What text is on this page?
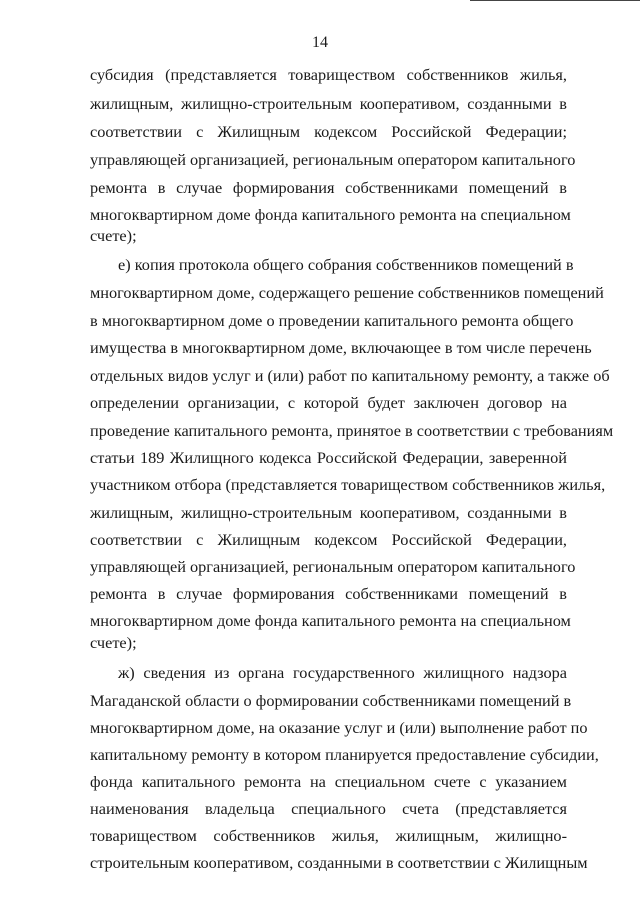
14
субсидия (представляется товариществом собственников жилья,
жилищным, жилищно-строительным кооперативом, созданными в
соответствии с Жилищным кодексом Российской Федерации;
управляющей организацией, региональным оператором капитального
ремонта в случае формирования собственниками помещений в
многоквартирном доме фонда капитального ремонта на специальном
счете);
е) копия протокола общего собрания собственников помещений в
многоквартирном доме, содержащего решение собственников помещений
в многоквартирном доме о проведении капитального ремонта общего
имущества в многоквартирном доме, включающее в том числе перечень
отдельных видов услуг и (или) работ по капитальному ремонту, а также об
определении организации, с которой будет заключен договор на
проведение капитального ремонта, принятое в соответствии с требованиям
статьи 189 Жилищного кодекса Российской Федерации, заверенной
участником отбора (представляется товариществом собственников жилья,
жилищным, жилищно-строительным кооперативом, созданными в
соответствии с Жилищным кодексом Российской Федерации,
управляющей организацией, региональным оператором капитального
ремонта в случае формирования собственниками помещений в
многоквартирном доме фонда капитального ремонта на специальном
счете);
ж) сведения из органа государственного жилищного надзора
Магаданской области о формировании собственниками помещений в
многоквартирном доме, на оказание услуг и (или) выполнение работ по
капитальному ремонту в котором планируется предоставление субсидии,
фонда капитального ремонта на специальном счете с указанием
наименования владельца специального счета (представляется
товариществом собственников жилья, жилищным, жилищно-
строительным кооперативом, созданными в соответствии с Жилищным
